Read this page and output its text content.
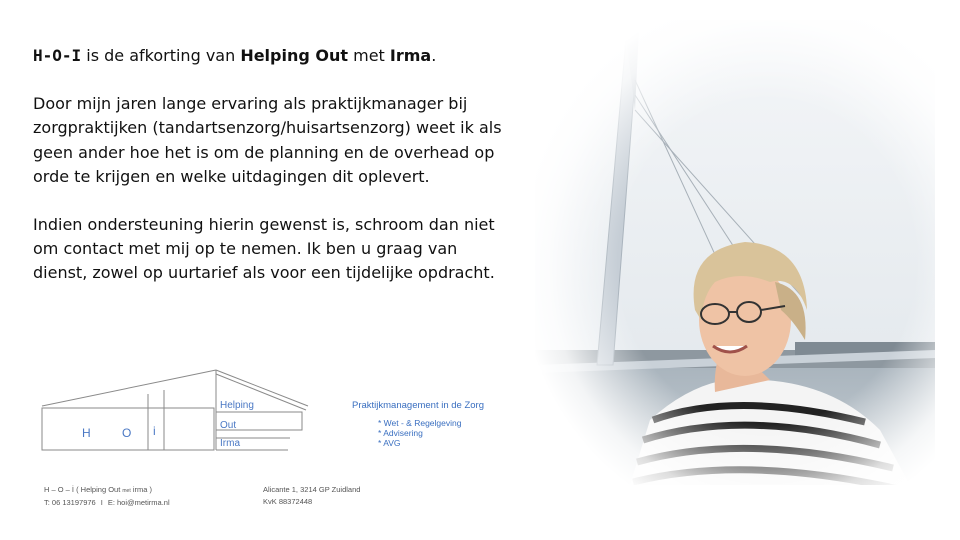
H-O-I is de afkorting van Helping Out met Irma.

Door mijn jaren lange ervaring als praktijkmanager bij zorgpraktijken (tandartsenzorg/huisartsenzorg) weet ik als geen ander hoe het is om de planning en de overhead op orde te krijgen en welke uitdagingen dit oplevert.

Indien ondersteuning hierin gewenst is, schroom dan niet om contact met mij op te nemen. Ik ben u graag van dienst, zowel op uurtarief als voor een tijdelijke opdracht.

H	O i
Helping
Out
Irma
Praktijkmanagement in de Zorg
* Wet - & Regelgeving
* Advisering
* AVG
H – O – İ ( Helping Out met irma )
T: 06 13197976 I E: hoi@metirma.nl
Alicante 1, 3214 GP Zuidland
KvK 88372448
